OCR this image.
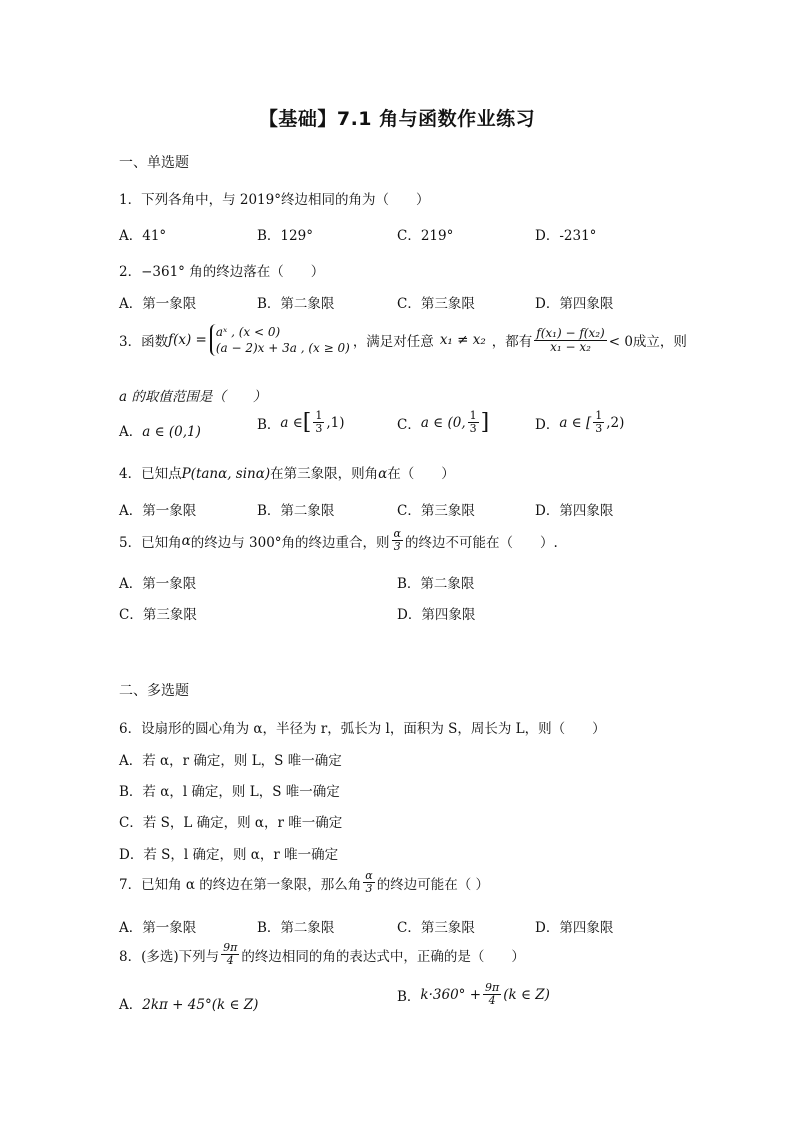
【基础】7.1 角与函数作业练习
一、单选题
1．下列各角中，与 2019°终边相同的角为（　　）
A．41°	B．129°	C．219°	D．-231°
2．−361° 角的终边落在（　　）
A．第一象限	B．第二象限	C．第三象限	D．第四象限
3．函数 f(x) =
aˣ , (x < 0)
(a − 2)x + 3a , (x ≥ 0) ，满足对任意 x₁ ≠ x₂ ，都有 $\frac{\text{f(x₁) − f(x₂)}}{\text{x₁ − x₂}} < 0$成立，则
a 的取值范围是（　　）
A．a ∈ (0,1)	B． a ∈ [ $\frac{1}{3} ,1$)	C． a ∈ (0, $\frac{1}{3}$ ]	D． a ∈ [ $\frac{1}{3} ,2$)
4．已知点P(tanα, sinα)在第三象限，则角α在（　　）
A．第一象限	B．第二象限	C．第三象限	D．第四象限
5．已知角 α 的终边与 300°角的终边重合，则 $\frac{\alpha}{3}$ 的终边不可能在（　　）.
A．第一象限	B．第二象限
C．第三象限	D．第四象限
二、多选题
6．设扇形的圆心角为 α，半径为 r，弧长为 l，面积为 S，周长为 L，则（　　）
A．若 α，r 确定，则 L，S 唯一确定
B．若 α，l 确定，则 L，S 唯一确定
C．若 S，L 确定，则 α，r 唯一确定
D．若 S，l 确定，则 α，r 唯一确定
7．已知角 α 的终边在第一象限，那么角 $\frac{\alpha}{3}$ 的终边可能在（ ）
A．第一象限	B．第二象限	C．第三象限	D．第四象限
8．(多选)下列与 $\frac{9\pi}{4}$ 的终边相同的角的表达式中，正确的是（　　）
A．2kπ + 45°(k ∈ Z)
B． $k\cdot 360^\circ + \frac{9\pi}{4} (k$ ∈ Z)
